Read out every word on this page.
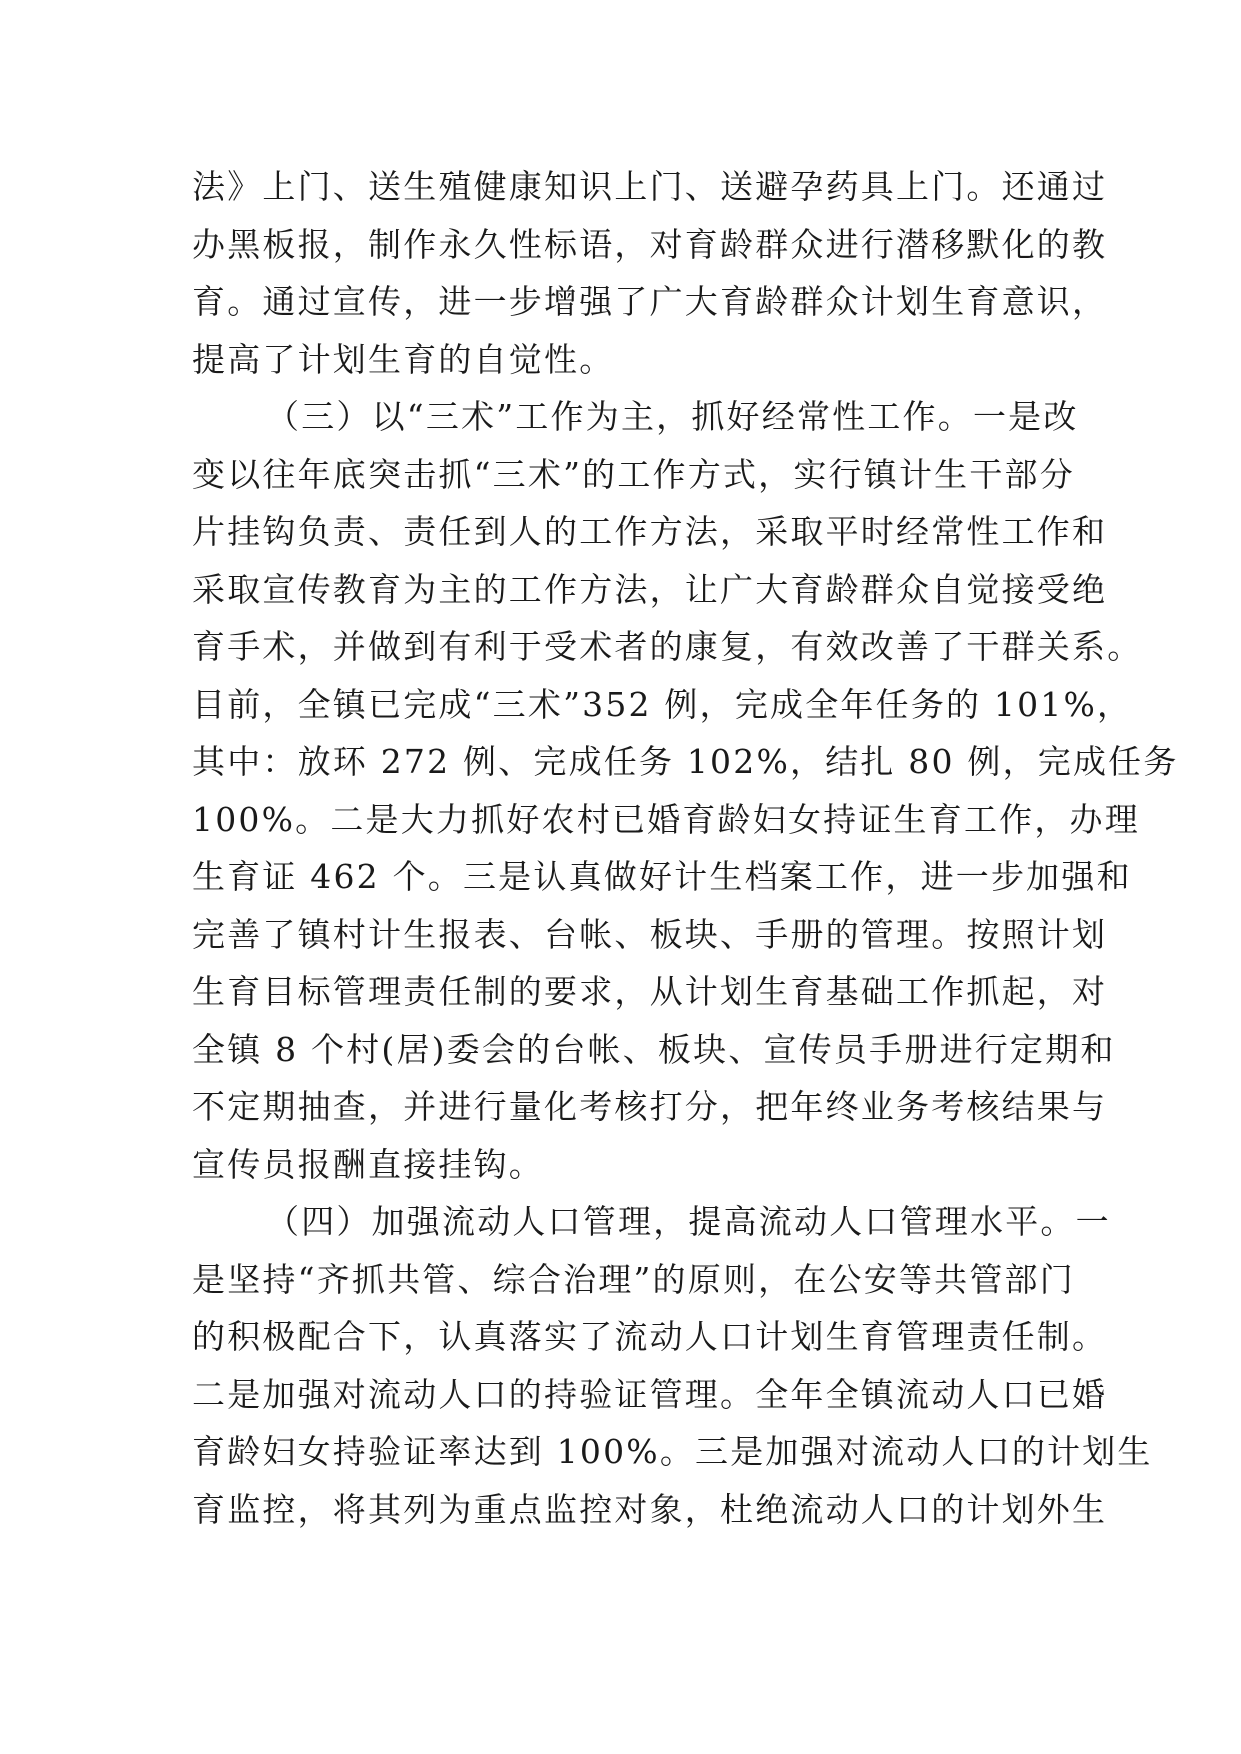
法》上门、送生殖健康知识上门、送避孕药具上门。还通过
办黑板报，制作永久性标语，对育龄群众进行潜移默化的教
育。通过宣传，进一步增强了广大育龄群众计划生育意识，
提高了计划生育的自觉性。
（三）以“三术”工作为主，抓好经常性工作。一是改
变以往年底突击抓“三术”的工作方式，实行镇计生干部分
片挂钩负责、责任到人的工作方法，采取平时经常性工作和
采取宣传教育为主的工作方法，让广大育龄群众自觉接受绝
育手术，并做到有利于受术者的康复，有效改善了干群关系。
目前，全镇已完成“三术”352 例，完成全年任务的 101%，
其中：放环 272 例、完成任务 102%，结扎 80 例，完成任务
100%。二是大力抓好农村已婚育龄妇女持证生育工作，办理
生育证 462 个。三是认真做好计生档案工作，进一步加强和
完善了镇村计生报表、台帐、板块、手册的管理。按照计划
生育目标管理责任制的要求，从计划生育基础工作抓起，对
全镇 8 个村(居)委会的台帐、板块、宣传员手册进行定期和
不定期抽查，并进行量化考核打分，把年终业务考核结果与
宣传员报酬直接挂钩。
（四）加强流动人口管理，提高流动人口管理水平。一
是坚持“齐抓共管、综合治理”的原则，在公安等共管部门
的积极配合下，认真落实了流动人口计划生育管理责任制。
二是加强对流动人口的持验证管理。全年全镇流动人口已婚
育龄妇女持验证率达到 100%。三是加强对流动人口的计划生
育监控，将其列为重点监控对象，杜绝流动人口的计划外生
